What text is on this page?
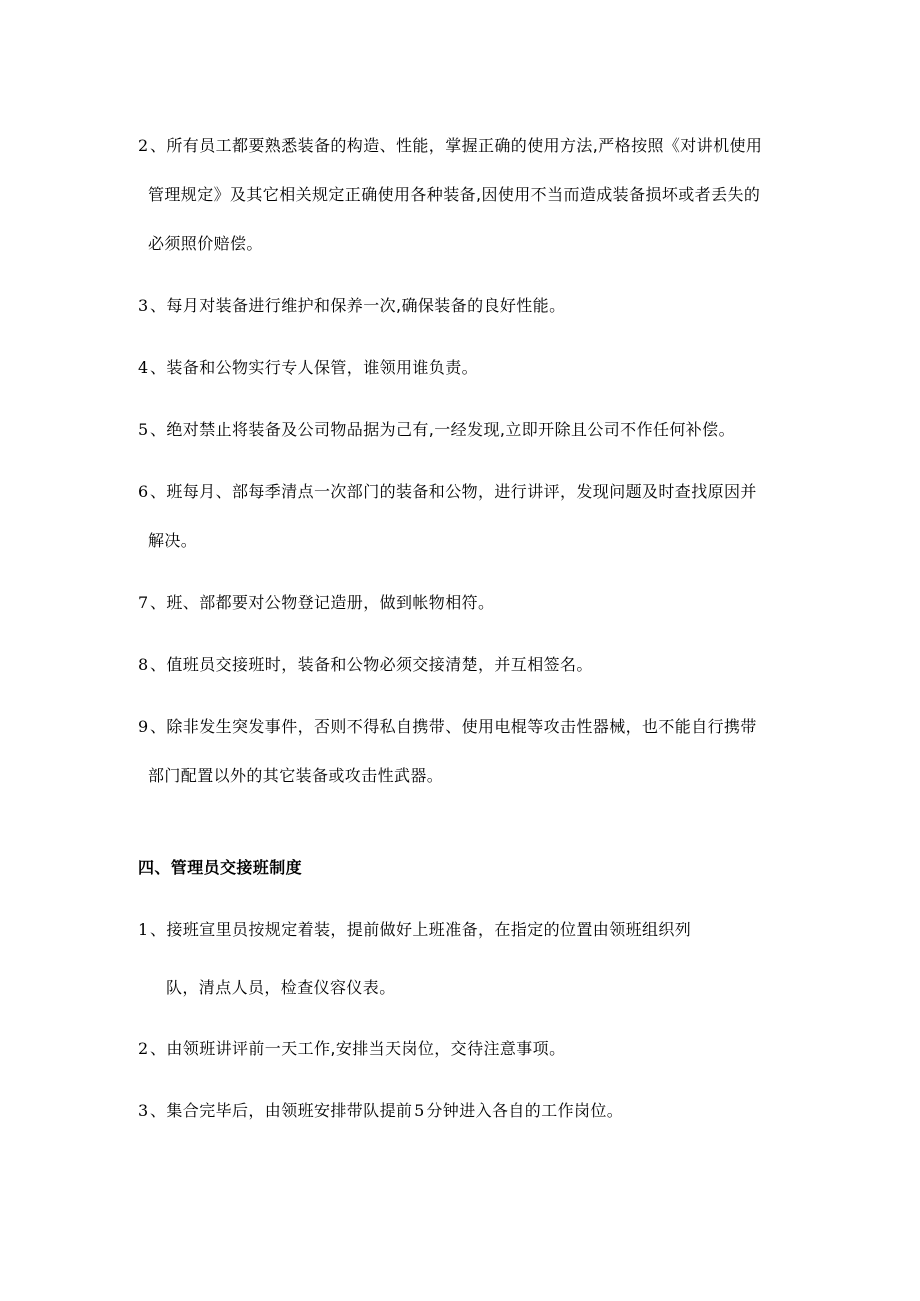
2、所有员工都要熟悉装备的构造、性能，掌握正确的使用方法,严格按照《对讲机使用
管理规定》及其它相关规定正确使用各种装备,因使用不当而造成装备损坏或者丢失的
必须照价赔偿。
3、每月对装备进行维护和保养一次,确保装备的良好性能。
4、装备和公物实行专人保管，谁领用谁负责。
5、绝对禁止将装备及公司物品据为己有,一经发现,立即开除且公司不作任何补偿。
6、班每月、部每季清点一次部门的装备和公物，进行讲评，发现问题及时查找原因并
解决。
7、班、部都要对公物登记造册，做到帐物相符。
8、值班员交接班时，装备和公物必须交接清楚，并互相签名。
9、除非发生突发事件，否则不得私自携带、使用电棍等攻击性器械，也不能自行携带
部门配置以外的其它装备或攻击性武器。
四、管理员交接班制度
1、接班宣里员按规定着装，提前做好上班准备，在指定的位置由领班组织列
队，清点人员，检查仪容仪表。
2、由领班讲评前一天工作,安排当天岗位，交待注意事项。
3、集合完毕后，由领班安排带队提前 5 分钟进入各自的工作岗位。
